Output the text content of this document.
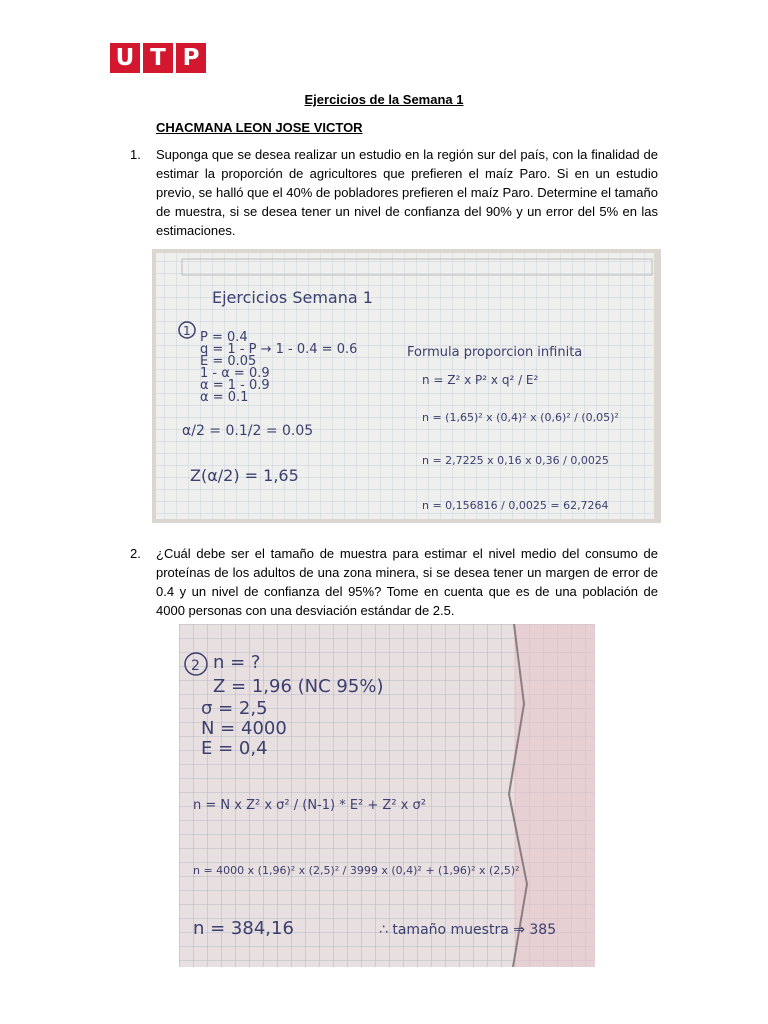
U T P
Ejercicios de la Semana 1
CHACMANA LEON JOSE VICTOR
1.	Suponga que se desea realizar un estudio en la región sur del país, con la finalidad de estimar la proporción de agricultores que prefieren el maíz Paro. Si en un estudio previo, se halló que el 40% de pobladores prefieren el maíz Paro. Determine el tamaño de muestra, si se desea tener un nivel de confianza del 90% y un error del 5% en las estimaciones.
Ejercicios Semana 1
1 P = 0.4
q = 1 - P → 1 - 0.4 = 0.6
E = 0.05
1 - α = 0.9
α = 1 - 0.9
α = 0.1
α/2 = 0.1/2 = 0.05
Z(α/2) = 1,65
Formula proporcion infinita
n = Z² x P² x q² / E²
n = (1,65)² x (0,4)² x (0,6)² / (0,05)²
n = 2,7225 x 0,16 x 0,36 / 0,0025
n = 0,156816 / 0,0025 = 62,7264
2.	¿Cuál debe ser el tamaño de muestra para estimar el nivel medio del consumo de proteínas de los adultos de una zona minera, si se desea tener un margen de error de 0.4 y un nivel de confianza del 95%? Tome en cuenta que es de una población de 4000 personas con una desviación estándar de 2.5.
2 n = ?
Z = 1,96 (NC 95%)
σ = 2,5
N = 4000
E = 0,4
n = N x Z² x σ² / (N-1) * E² + Z² x σ²
n = 4000 x (1,96)² x (2,5)² / 3999 x (0,4)² + (1,96)² x (2,5)²
n = 384,16	∴ tamaño muestra ⇒ 385
